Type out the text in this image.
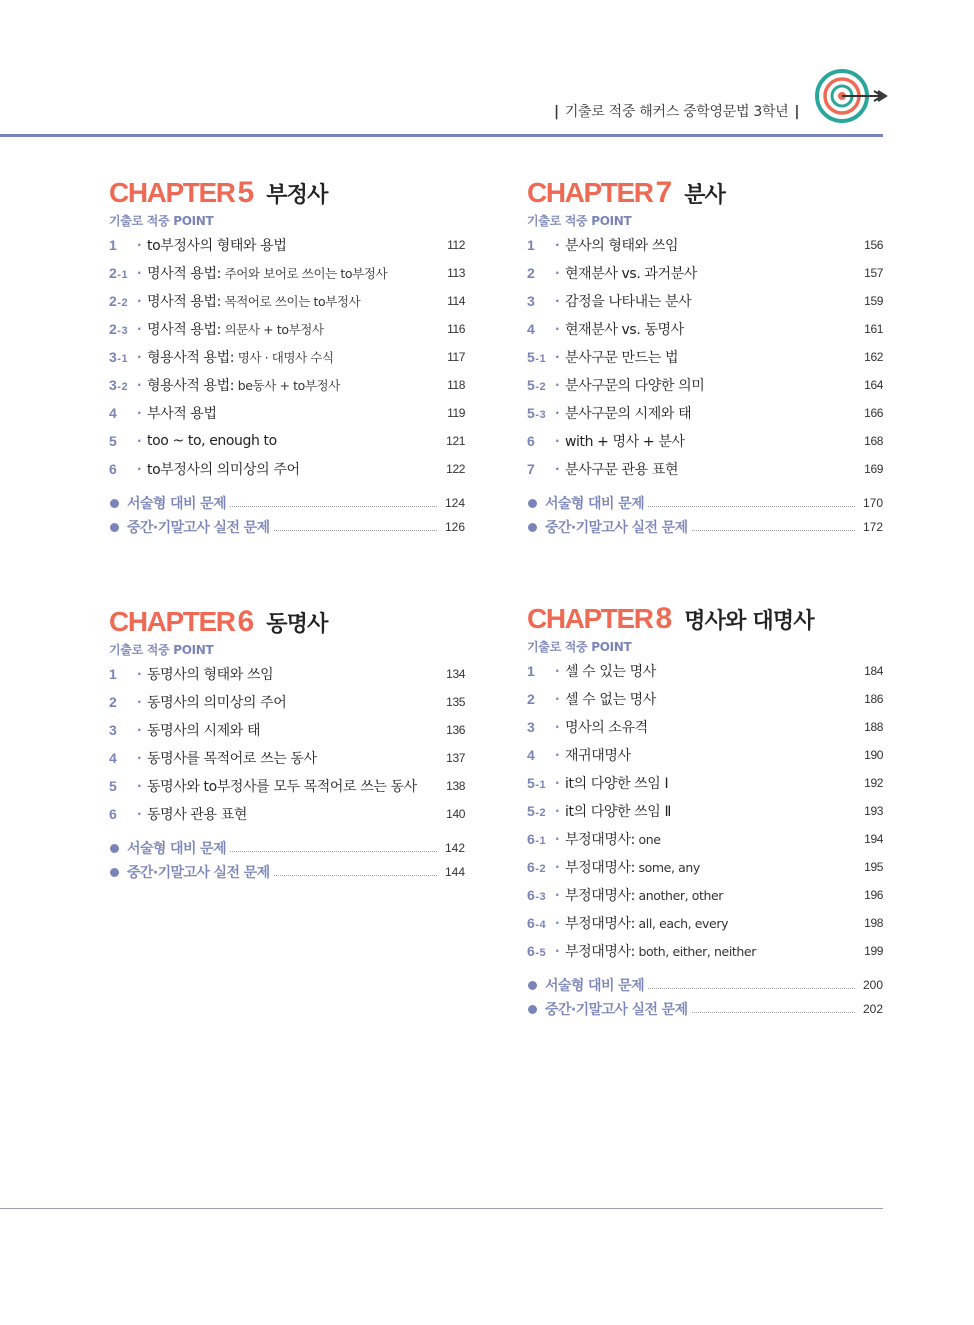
| 기출로 적중 해커스 중학영문법 3학년 |
CHAPTER 5 부정사
기출로 적중 POINT
1	· to부정사의 형태와 용법	112
2-1 · 명사적 용법: 주어와 보어로 쓰이는 to부정사	113
2-2 · 명사적 용법: 목적어로 쓰이는 to부정사	114
2-3 · 명사적 용법: 의문사 + to부정사	116
3-1 · 형용사적 용법: 명사 · 대명사 수식	117
3-2 · 형용사적 용법: be동사 + to부정사	118
4	· 부사적 용법	119
5	· too ~ to, enough to	121
6	· to부정사의 의미상의 주어	122
서술형 대비 문제	124
중간·기말고사 실전 문제	126
CHAPTER 7 분사
기출로 적중 POINT
1	· 분사의 형태와 쓰임	156
2	· 현재분사 vs. 과거분사	157
3	· 감정을 나타내는 분사	159
4	· 현재분사 vs. 동명사	161
5-1 · 분사구문 만드는 법	162
5-2 · 분사구문의 다양한 의미	164
5-3 · 분사구문의 시제와 태	166
6	· with + 명사 + 분사	168
7	· 분사구문 관용 표현	169
서술형 대비 문제	170
중간·기말고사 실전 문제	172
CHAPTER 6 동명사
기출로 적중 POINT
1	· 동명사의 형태와 쓰임	134
2	· 동명사의 의미상의 주어	135
3	· 동명사의 시제와 태	136
4	· 동명사를 목적어로 쓰는 동사	137
5	· 동명사와 to부정사를 모두 목적어로 쓰는 동사	138
6	· 동명사 관용 표현	140
서술형 대비 문제	142
중간·기말고사 실전 문제	144
CHAPTER 8 명사와 대명사
기출로 적중 POINT
1	· 셀 수 있는 명사	184
2	· 셀 수 없는 명사	186
3	· 명사의 소유격	188
4	· 재귀대명사	190
5-1 · it의 다양한 쓰임 Ⅰ	192
5-2 · it의 다양한 쓰임 Ⅱ	193
6-1 · 부정대명사: one	194
6-2 · 부정대명사: some, any	195
6-3 · 부정대명사: another, other	196
6-4 · 부정대명사: all, each, every	198
6-5 · 부정대명사: both, either, neither	199
서술형 대비 문제	200
중간·기말고사 실전 문제	202
